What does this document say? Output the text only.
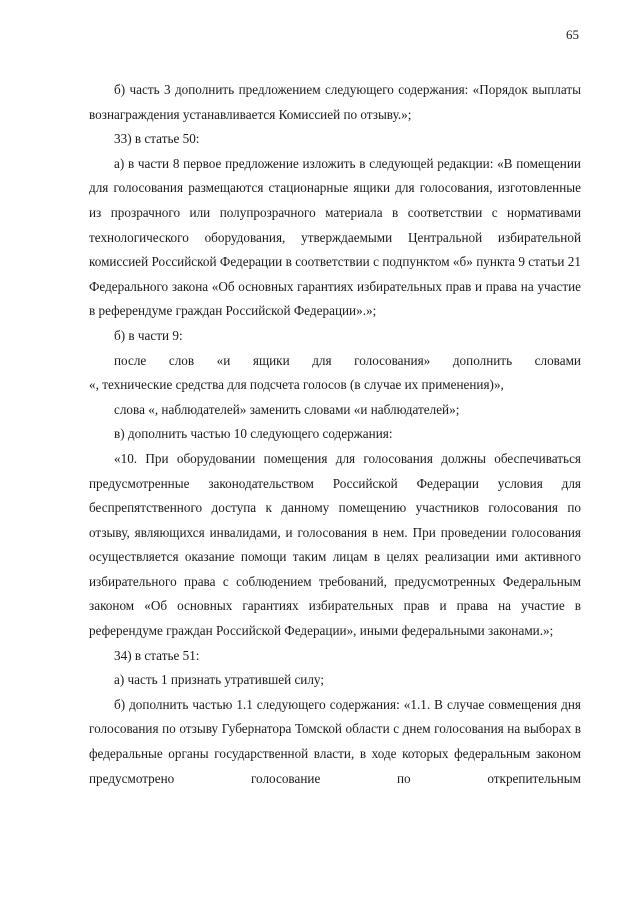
65

б) часть 3 дополнить предложением следующего содержания: «Порядок выплаты вознаграждения устанавливается Комиссией по отзыву.»;

33) в статье 50:

а) в части 8 первое предложение изложить в следующей редакции: «В помещении для голосования размещаются стационарные ящики для голосования, изготовленные из прозрачного или полупрозрачного материала в соответствии с нормативами технологического оборудования, утверждаемыми Центральной избирательной комиссией Российской Федерации в соответствии с подпунктом «б» пункта 9 статьи 21 Федерального закона «Об основных гарантиях избирательных прав и права на участие в референдуме граждан Российской Федерации».»;

б) в части 9:

после слов «и ящики для голосования» дополнить словами

«, технические средства для подсчета голосов (в случае их применения)»,

слова «, наблюдателей» заменить словами «и наблюдателей»;

в) дополнить частью 10 следующего содержания:

«10. При оборудовании помещения для голосования должны обеспечиваться предусмотренные законодательством Российской Федерации условия для беспрепятственного доступа к данному помещению участников голосования по отзыву, являющихся инвалидами, и голосования в нем. При проведении голосования осуществляется оказание помощи таким лицам в целях реализации ими активного избирательного права с соблюдением требований, предусмотренных Федеральным законом «Об основных гарантиях избирательных прав и права на участие в референдуме граждан Российской Федерации», иными федеральными законами.»;

34) в статье 51:

а) часть 1 признать утратившей силу;

б) дополнить частью 1.1 следующего содержания: «1.1. В случае совмещения дня голосования по отзыву Губернатора Томской области с днем голосования на выборах в федеральные органы государственной власти, в ходе которых федеральным законом предусмотрено голосование по открепительным
